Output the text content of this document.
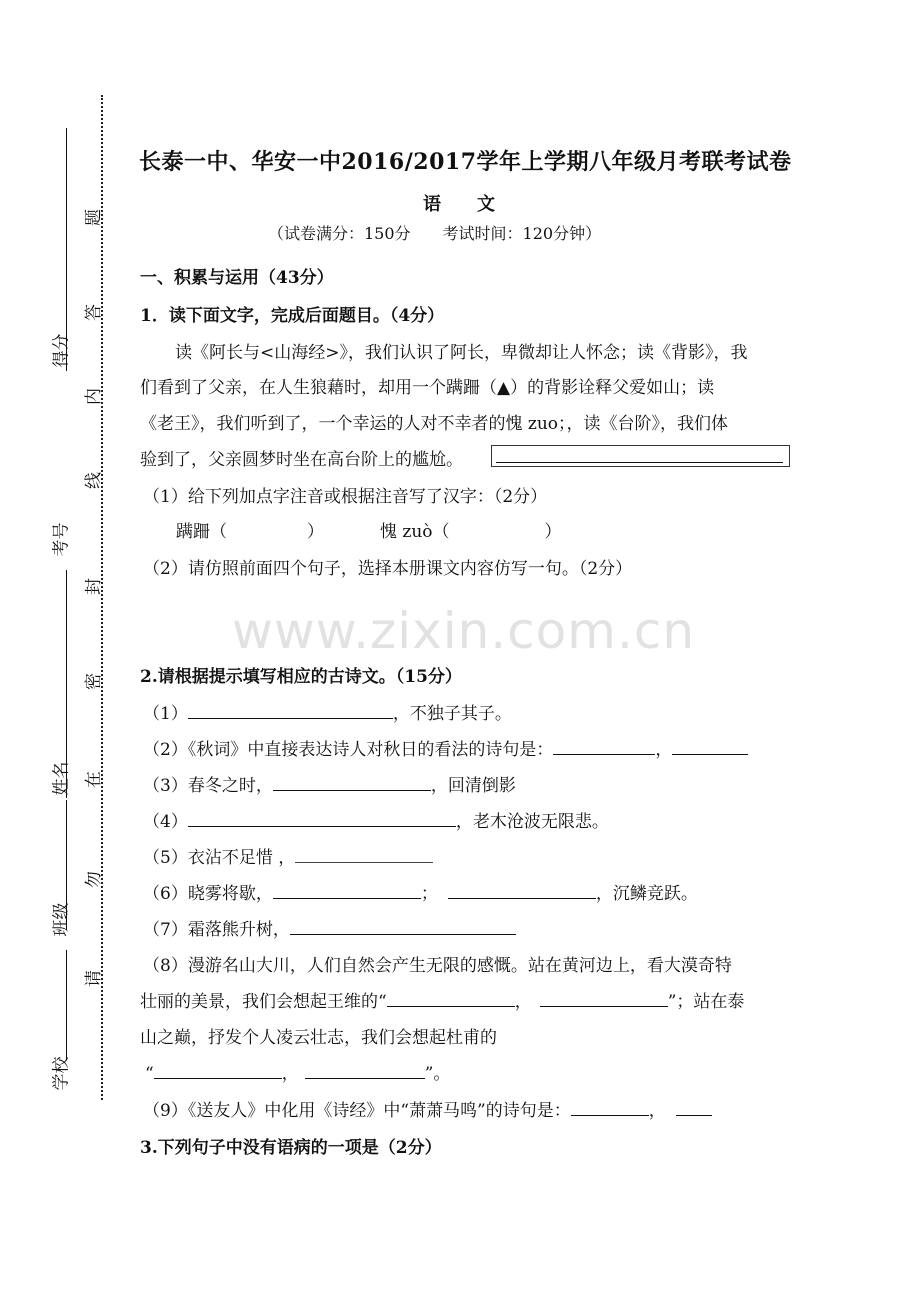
得分
考号
姓名
班级
学校
题
答
内
线
封
密
在
勿
请
长泰一中、华安一中2016/2017学年上学期八年级月考联考试卷
语　　文
（试卷满分：150分　　考试时间：120分钟）
一、积累与运用（43分）
1．读下面文字，完成后面题目。（4分）
读《阿长与<山海经>》，我们认识了阿长，卑微却让人怀念；读《背影》，我
们看到了父亲，在人生狼藉时，却用一个蹒跚（▲）的背影诠释父爱如山；读
《老王》，我们听到了，一个幸运的人对不幸者的愧 zuo；，读《台阶》，我们体
验到了，父亲圆梦时坐在高台阶上的尴尬。
（1）给下列加点字注音或根据注音写了汉字：（2分）
蹒跚（	）	愧 zuò（	）
（2）请仿照前面四个句子，选择本册课文内容仿写一句。（2分）
www.zixin.com.cn
2.请根据提示填写相应的古诗文。（15分）
（1）	，不独子其子。
（2）《秋词》中直接表达诗人对秋日的看法的诗句是：	，
（3）春冬之时，	，回清倒影
（4）	，老木沧波无限悲。
（5）衣沾不足惜 ，
（6）晓雾将歇，	；	，沉鳞竞跃。
（7）霜落熊升树，
（8）漫游名山大川，人们自然会产生无限的感慨。站在黄河边上，看大漠奇特
壮丽的美景，我们会想起王维的“	，	”；站在泰
山之巅，抒发个人凌云壮志，我们会想起杜甫的
“	，	”。
（9）《送友人》中化用《诗经》中“萧萧马鸣”的诗句是：	，
3.下列句子中没有语病的一项是（2分）
